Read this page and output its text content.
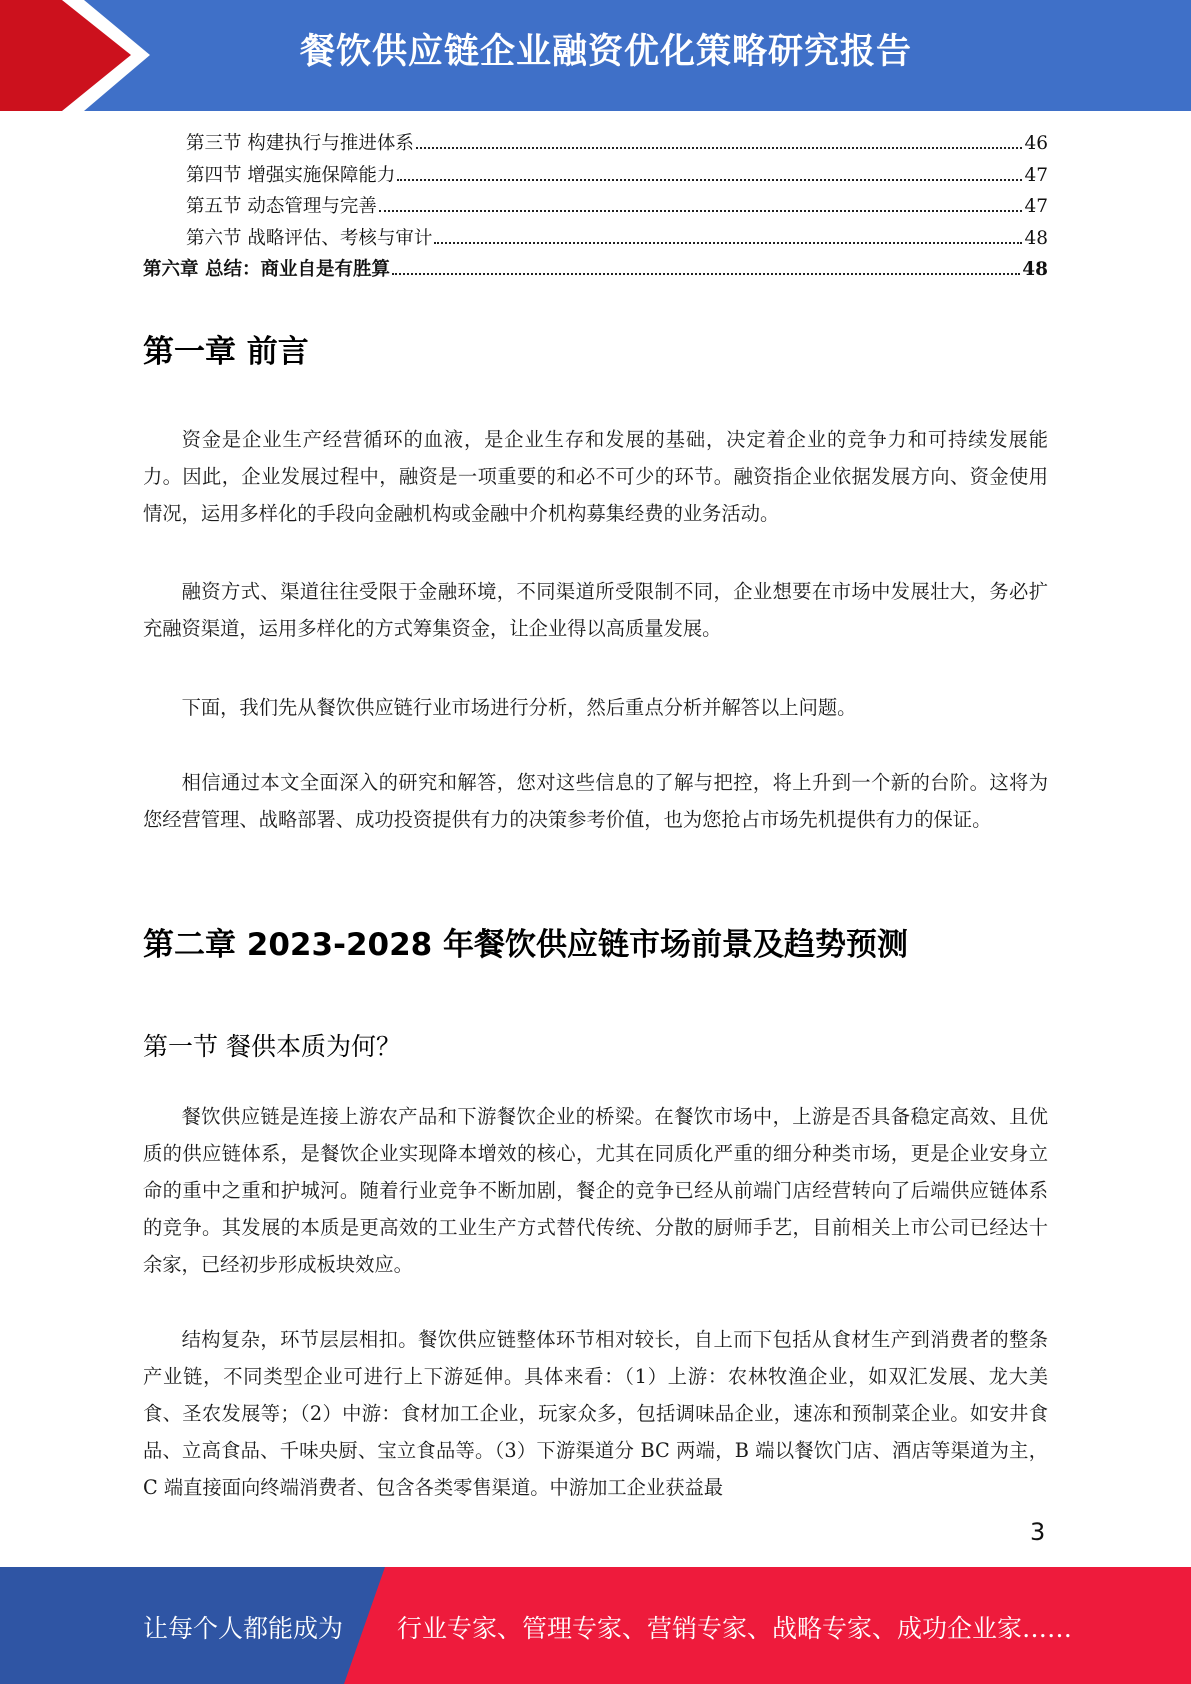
餐饮供应链企业融资优化策略研究报告
第三节 构建执行与推进体系	46
第四节 增强实施保障能力	47
第五节 动态管理与完善	47
第六节 战略评估、考核与审计	48
第六章 总结：商业自是有胜算	48
第一章 前言

资金是企业生产经营循环的血液，是企业生存和发展的基础，决定着企业的竞争力和可持续发展能力。因此，企业发展过程中，融资是一项重要的和必不可少的环节。融资指企业依据发展方向、资金使用情况，运用多样化的手段向金融机构或金融中介机构募集经费的业务活动。

融资方式、渠道往往受限于金融环境，不同渠道所受限制不同，企业想要在市场中发展壮大，务必扩充融资渠道，运用多样化的方式筹集资金，让企业得以高质量发展。

下面，我们先从餐饮供应链行业市场进行分析，然后重点分析并解答以上问题。

相信通过本文全面深入的研究和解答，您对这些信息的了解与把控，将上升到一个新的台阶。这将为您经营管理、战略部署、成功投资提供有力的决策参考价值，也为您抢占市场先机提供有力的保证。

第二章 2023-2028 年餐饮供应链市场前景及趋势预测
第一节 餐供本质为何？

餐饮供应链是连接上游农产品和下游餐饮企业的桥梁。在餐饮市场中，上游是否具备稳定高效、且优质的供应链体系，是餐饮企业实现降本增效的核心，尤其在同质化严重的细分种类市场，更是企业安身立命的重中之重和护城河。随着行业竞争不断加剧，餐企的竞争已经从前端门店经营转向了后端供应链体系的竞争。其发展的本质是更高效的工业生产方式替代传统、分散的厨师手艺，目前相关上市公司已经达十余家，已经初步形成板块效应。

结构复杂，环节层层相扣。餐饮供应链整体环节相对较长，自上而下包括从食材生产到消费者的整条产业链，不同类型企业可进行上下游延伸。具体来看：（1）上游：农林牧渔企业，如双汇发展、龙大美食、圣农发展等；（2）中游：食材加工企业，玩家众多，包括调味品企业，速冻和预制菜企业。如安井食品、立高食品、千味央厨、宝立食品等。（3）下游渠道分 BC 两端，B 端以餐饮门店、酒店等渠道为主，C 端直接面向终端消费者、包含各类零售渠道。中游加工企业获益最

3
让每个人都能成为 行业专家、管理专家、营销专家、战略专家、成功企业家……
